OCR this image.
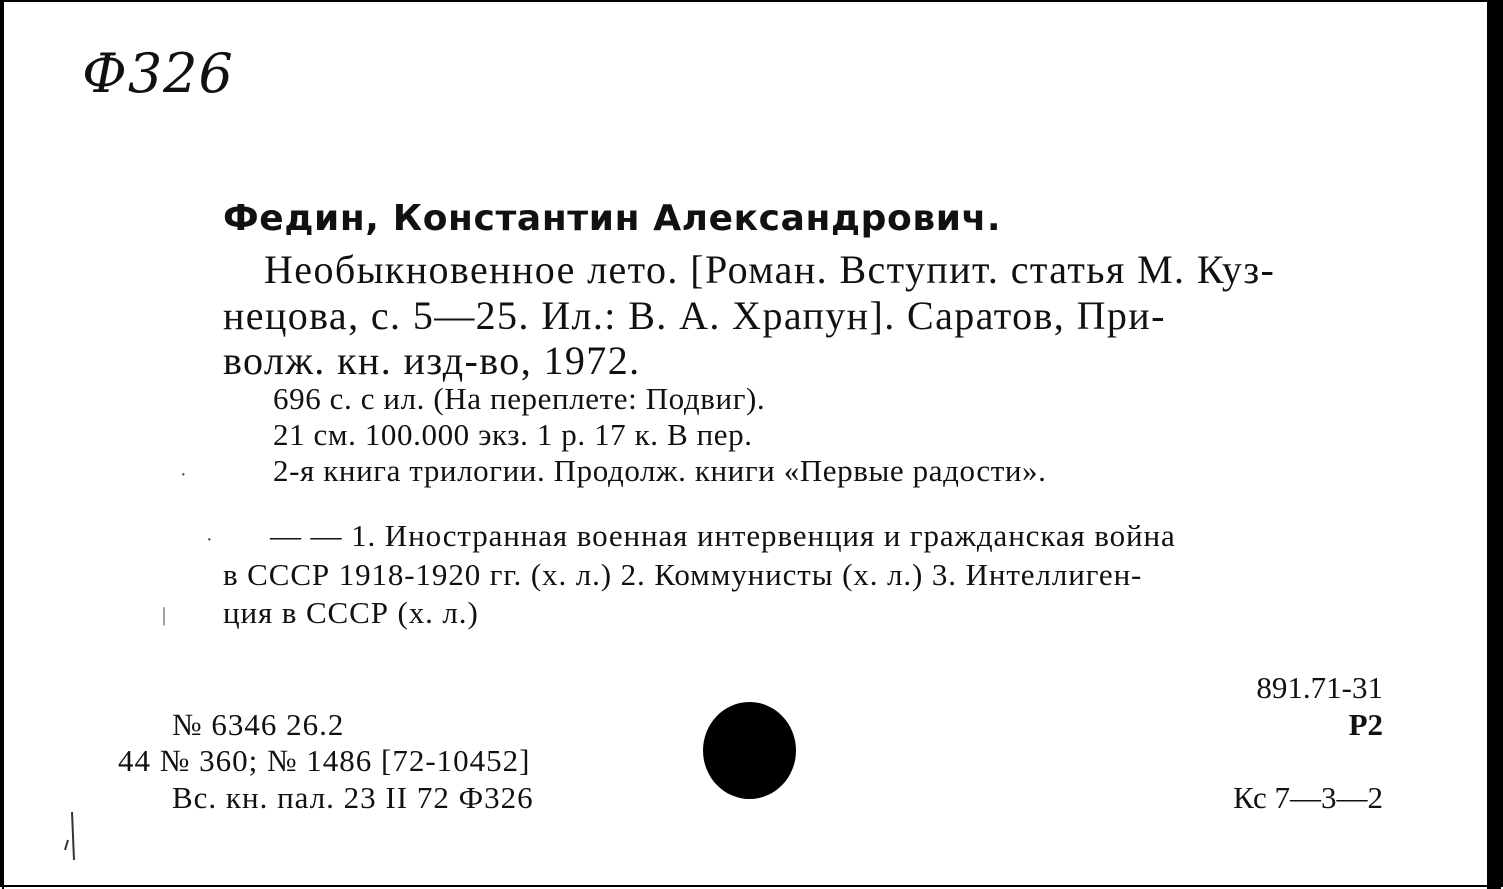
Ф326
Федин, Константин Александрович.
Необыкновенное лето. [Роман. Вступит. статья М. Куз-
нецова, с. 5—25. Ил.: В. А. Храпун]. Саратов, При-
волж. кн. изд-во, 1972.
696 с. с ил. (На переплете: Подвиг).
21 см. 100.000 экз. 1 р. 17 к. В пер.
2-я книга трилогии. Продолж. книги «Первые радости».
— — 1. Иностранная военная интервенция и гражданская война
в СССР 1918-1920 гг. (х. л.) 2. Коммунисты (х. л.) 3. Интеллиген-
ция в СССР (х. л.)
№ 6346 26.2
44 № 360; № 1486 [72-10452]
Вс. кн. пал. 23 II 72 Ф326
891.71-31
Р2
Кс 7—3—2
·
·
|
